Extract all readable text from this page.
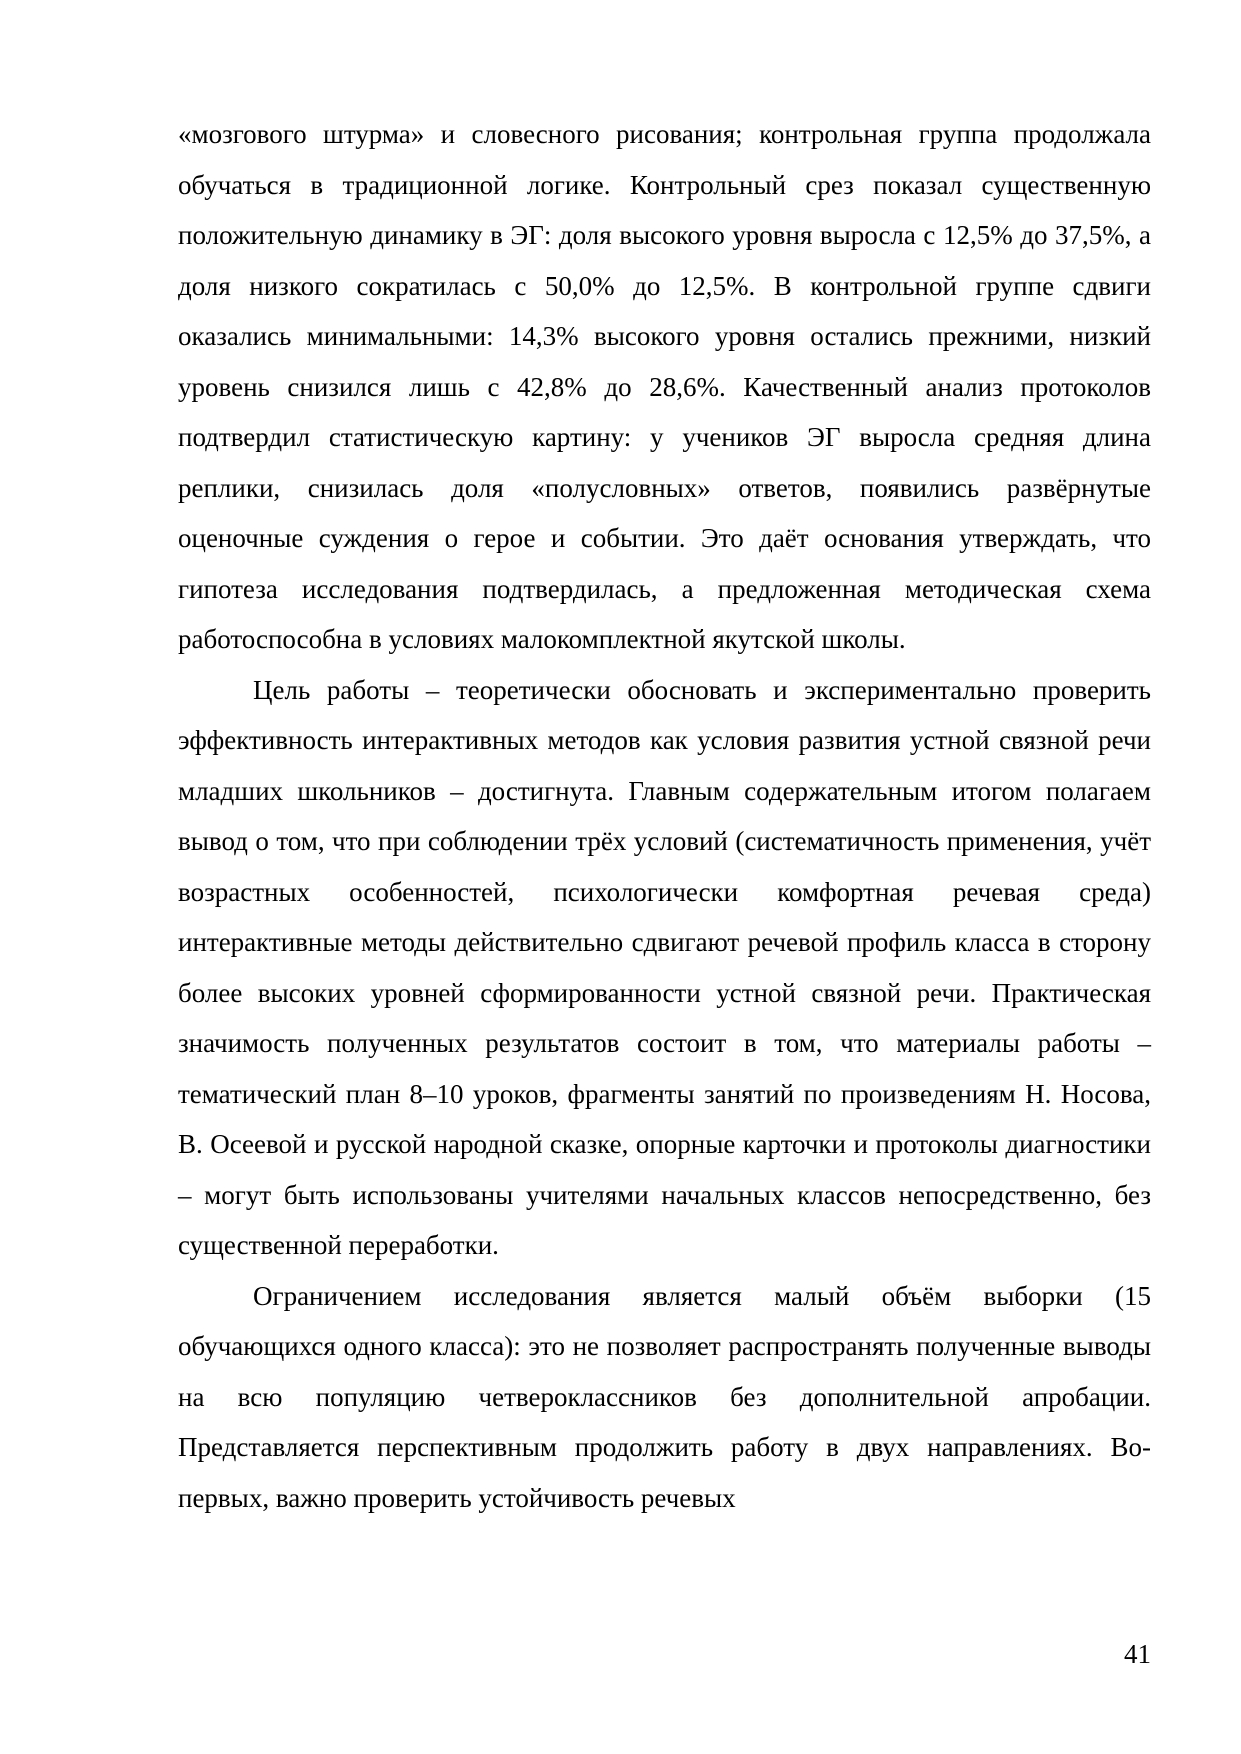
«мозгового штурма» и словесного рисования; контрольная группа продолжала обучаться в традиционной логике. Контрольный срез показал существенную положительную динамику в ЭГ: доля высокого уровня выросла с 12,5% до 37,5%, а доля низкого сократилась с 50,0% до 12,5%. В контрольной группе сдвиги оказались минимальными: 14,3% высокого уровня остались прежними, низкий уровень снизился лишь с 42,8% до 28,6%. Качественный анализ протоколов подтвердил статистическую картину: у учеников ЭГ выросла средняя длина реплики, снизилась доля «полусловных» ответов, появились развёрнутые оценочные суждения о герое и событии. Это даёт основания утверждать, что гипотеза исследования подтвердилась, а предложенная методическая схема работоспособна в условиях малокомплектной якутской школы.

Цель работы – теоретически обосновать и экспериментально проверить эффективность интерактивных методов как условия развития устной связной речи младших школьников – достигнута. Главным содержательным итогом полагаем вывод о том, что при соблюдении трёх условий (систематичность применения, учёт возрастных особенностей, психологически комфортная речевая среда) интерактивные методы действительно сдвигают речевой профиль класса в сторону более высоких уровней сформированности устной связной речи. Практическая значимость полученных результатов состоит в том, что материалы работы – тематический план 8–10 уроков, фрагменты занятий по произведениям Н. Носова, В. Осеевой и русской народной сказке, опорные карточки и протоколы диагностики – могут быть использованы учителями начальных классов непосредственно, без существенной переработки.

Ограничением исследования является малый объём выборки (15 обучающихся одного класса): это не позволяет распространять полученные выводы на всю популяцию четвероклассников без дополнительной апробации. Представляется перспективным продолжить работу в двух направлениях. Во-первых, важно проверить устойчивость речевых

41
